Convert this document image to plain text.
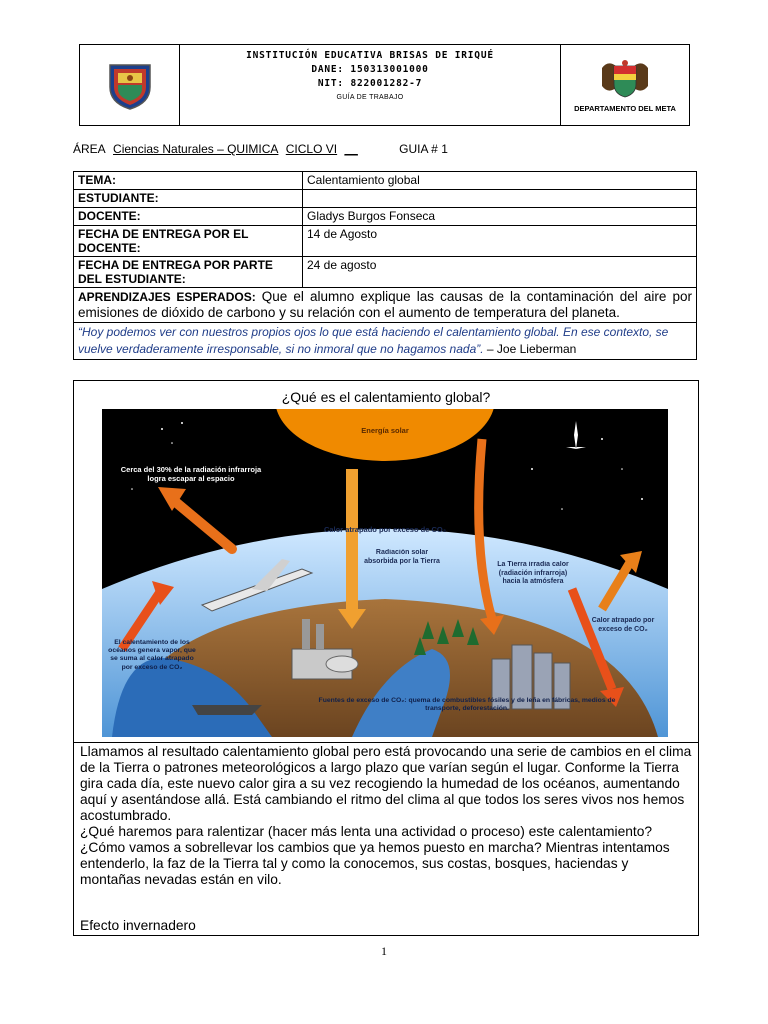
INSTITUCIÓN EDUCATIVA BRISAS DE IRIQUÉ
DANE: 150313001000
NIT: 822001282-7
GUÍA DE TRABAJO
DEPARTAMENTO DEL META
ÁREA Ciencias Naturales – QUIMICA CICLO VI __	GUIA # 1
TEMA:	Calentamiento global
ESTUDIANTE:	
DOCENTE:	Gladys Burgos Fonseca
FECHA DE ENTREGA POR EL DOCENTE:	14 de Agosto
FECHA DE ENTREGA POR PARTE DEL ESTUDIANTE:	24 de agosto
APRENDIZAJES ESPERADOS: Que el alumno explique las causas de la contaminación del aire por emisiones de dióxido de carbono y su relación con el aumento de temperatura del planeta.	
“Hoy podemos ver con nuestros propios ojos lo que está haciendo el calentamiento global. En ese contexto, se vuelve verdaderamente irresponsable, si no inmoral que no hagamos nada”. – Joe Lieberman	
¿Qué es el calentamiento global?
Energía solar
Cerca del 30% de la radiación infrarroja logra escapar al espacio
Calor atrapado por exceso de CO₂
Radiación solar absorbida por la Tierra	La Tierra irradia calor (radiación infrarroja) hacia la atmósfera
Calor atrapado por exceso de CO₂
El calentamiento de los océanos genera vapor, que se suma al calor atrapado por exceso de CO₂
Fuentes de exceso de CO₂: quema de combustibles fósiles y de leña en fábricas, medios de transporte, deforestación.

Llamamos al resultado calentamiento global pero está provocando una serie de cambios en el clima de la Tierra o patrones meteorológicos a largo plazo que varían según el lugar. Conforme la Tierra gira cada día, este nuevo calor gira a su vez recogiendo la humedad de los océanos, aumentando aquí y asentándose allá. Está cambiando el ritmo del clima al que todos los seres vivos nos hemos acostumbrado.

¿Qué haremos para ralentizar (hacer más lenta una actividad o proceso) este calentamiento? ¿Cómo vamos a sobrellevar los cambios que ya hemos puesto en marcha? Mientras intentamos entenderlo, la faz de la Tierra tal y como la conocemos, sus costas, bosques, haciendas y montañas nevadas están en vilo.

Efecto invernadero
1
